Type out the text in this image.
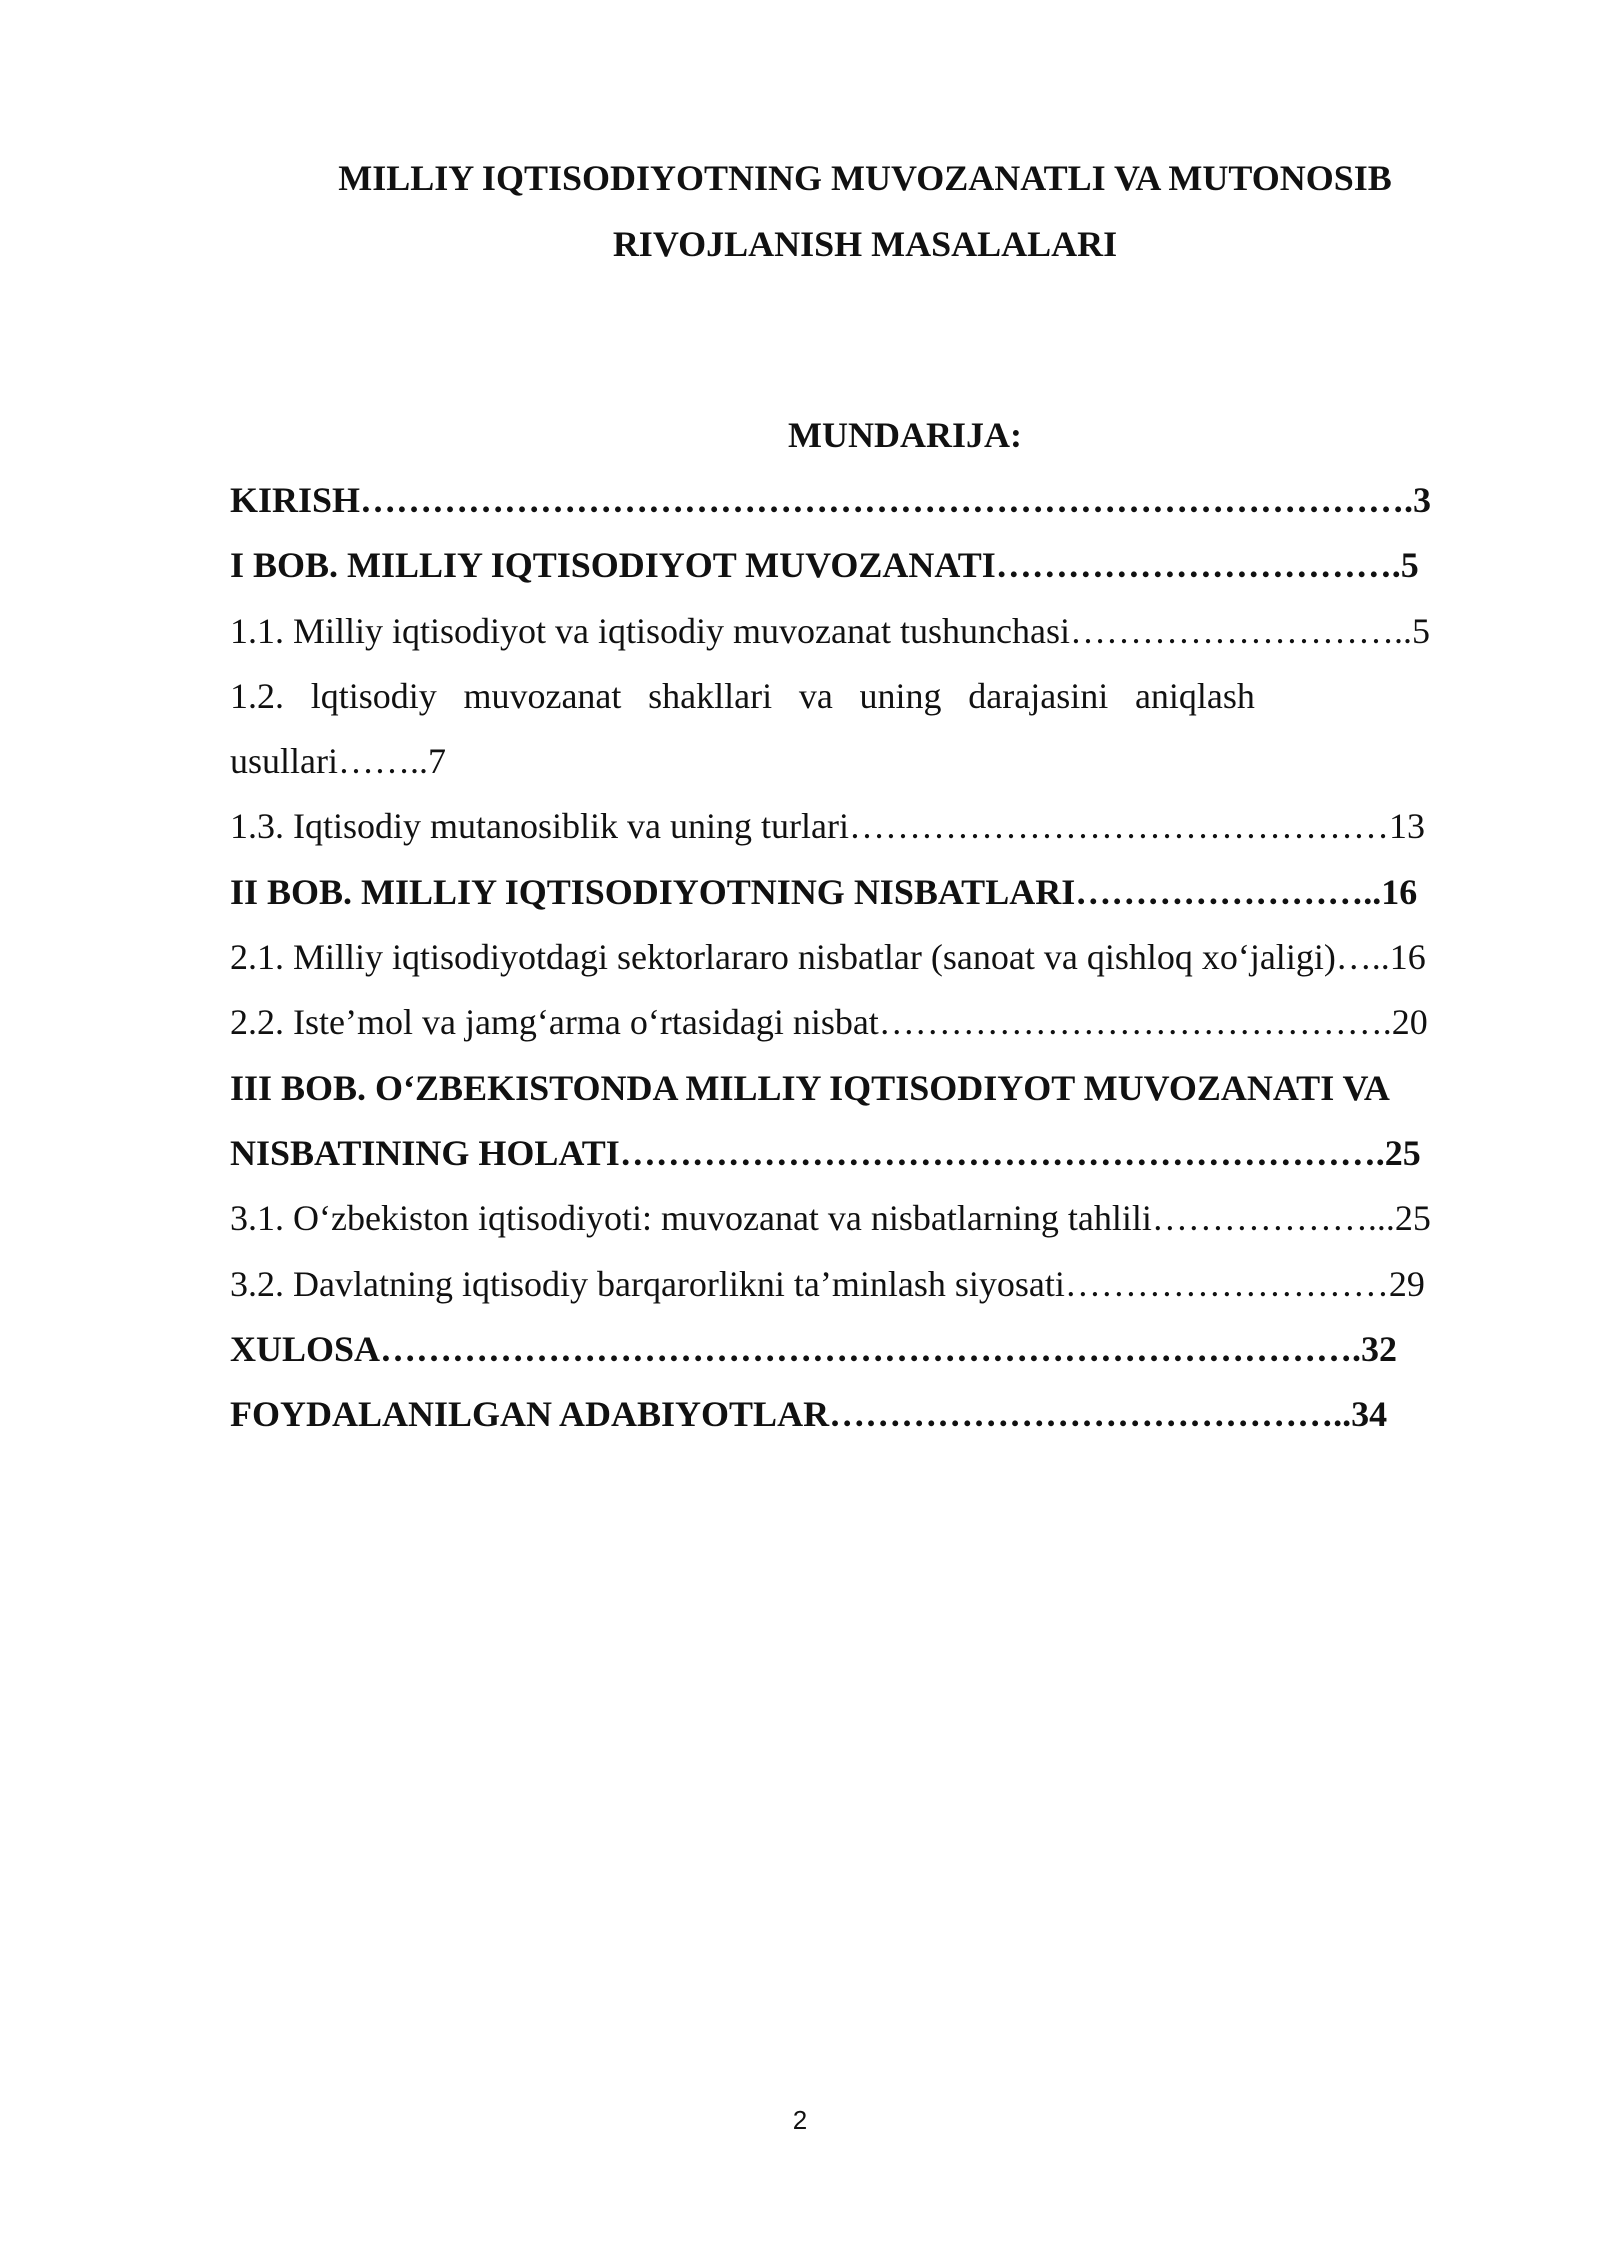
MILLIY IQTISODIYOTNING MUVOZANATLI VA MUTONOSIB
RIVOJLANISH MASALALARI
MUNDARIJA:
KIRISH…………………………………………………………………………….3
I BOB. MILLIY IQTISODIYOT MUVOZANATI…………………………….5
1.1. Milliy iqtisodiyot va iqtisodiy muvozanat tushunchasi………………………..5
1.2. lqtisodiy muvozanat shakllari va uning darajasini aniqlash
usullari……..7
1.3. Iqtisodiy mutanosiblik va uning turlari………………………………………13
II BOB. MILLIY IQTISODIYOTNING NISBATLARI……………………..16
2.1. Milliy iqtisodiyotdagi sektorlararo nisbatlar (sanoat va qishloq xo‘jaligi)…..16
2.2. Iste’mol va jamg‘arma o‘rtasidagi nisbat…………………………………….20
III BOB. O‘ZBEKISTONDA MILLIY IQTISODIYOT MUVOZANATI VA
NISBATINING HOLATI……………………………………………………….25
3.1. O‘zbekiston iqtisodiyoti: muvozanat va nisbatlarning tahlili………………...25
3.2. Davlatning iqtisodiy barqarorlikni ta’minlash siyosati………………………29
XULOSA……………………………………………………………………….32
FOYDALANILGAN ADABIYOTLAR……………………………………..34
2
